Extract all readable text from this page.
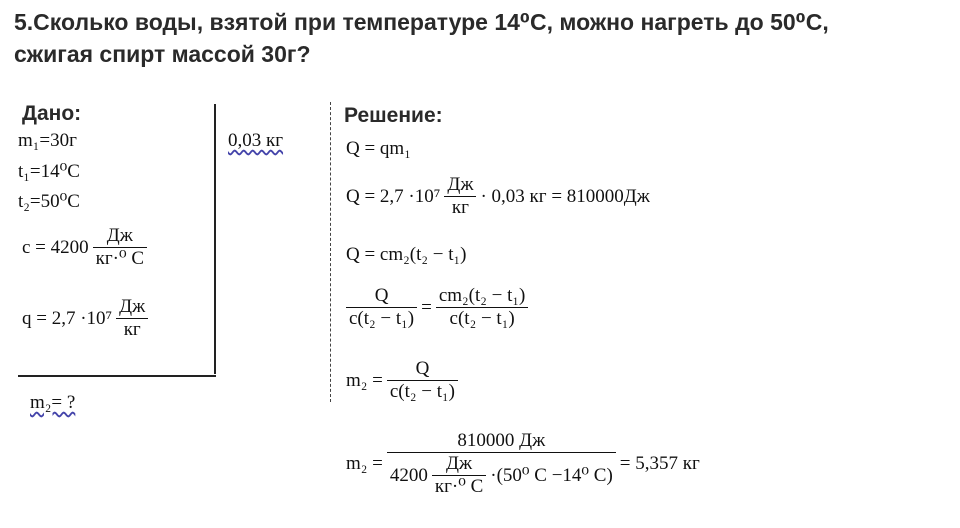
5.Сколько воды, взятой при температуре 14⁰С, можно нагреть до 50⁰С,
сжигая спирт массой 30г?
Дано:
m₁=30г
t₁=14⁰С
t₂=50⁰С
$c = 4200 \frac{Дж}{\text{кг·⁰ С}}$
$q = 2,7 \cdot 10^7 \frac{Дж}{кг}$
m₂= ?
0,03 кг
Решение:
Q = qm₁
$Q = 2,7 \cdot 10^7 \frac{Дж}{кг} \cdot 0,03$ кг = 810000Дж
Q = cm₂(t₂ − t₁)
$\frac{Q}{\text{c(t₂ − t₁)}} = \frac{\text{cm₂(t₂ − t₁)}}{\text{c(t₂ − t₁)}}$
$m_2 = \frac{Q}{\text{c(t₂ − t₁)}}$
m₂ =
810000 Дж
$4200 \frac{Дж}{\text{кг·⁰ С}} \cdot(50^0$ С −14⁰ С)
= 5,357 кг
